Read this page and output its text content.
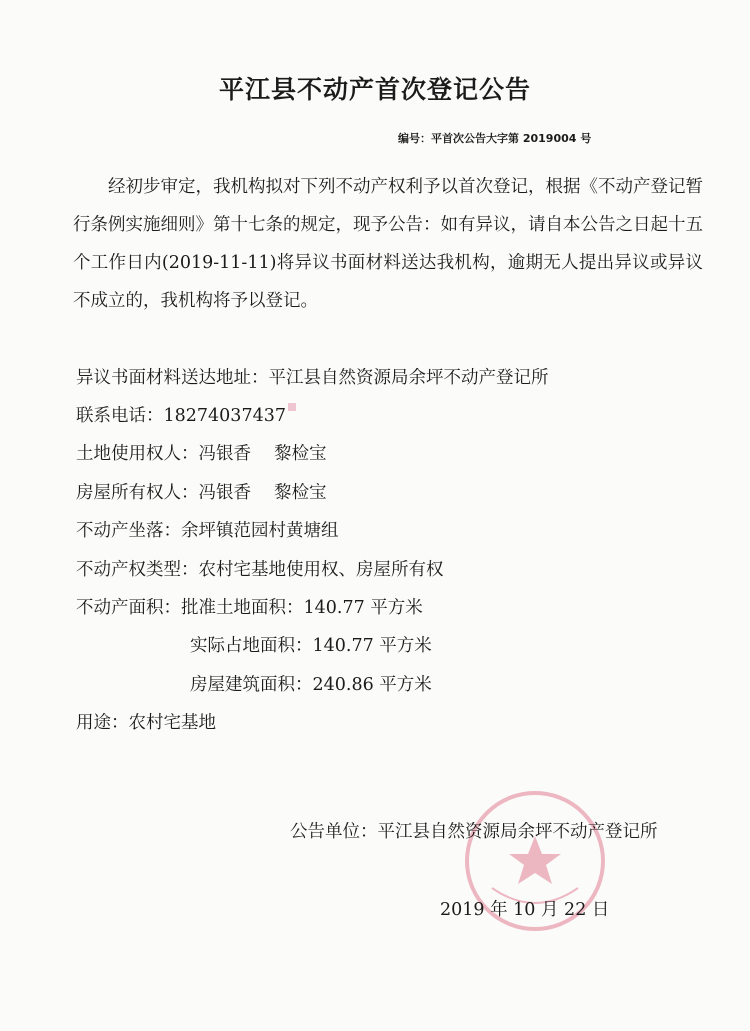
平江县不动产首次登记公告
编号：平首次公告大字第 2019004 号
经初步审定，我机构拟对下列不动产权利予以首次登记，根据《不动产登记暂行条例实施细则》第十七条的规定，现予公告：如有异议，请自本公告之日起十五个工作日内(2019-11-11)将异议书面材料送达我机构，逾期无人提出异议或异议不成立的，我机构将予以登记。
异议书面材料送达地址：平江县自然资源局余坪不动产登记所
联系电话：18274037437
土地使用权人：冯银香　 黎检宝
房屋所有权人：冯银香　 黎检宝
不动产坐落：余坪镇范园村黄塘组
不动产权类型：农村宅基地使用权、房屋所有权
不动产面积：批准土地面积：140.77 平方米
实际占地面积：140.77 平方米
房屋建筑面积：240.86 平方米
用途：农村宅基地
公告单位：平江县自然资源局余坪不动产登记所
2019 年 10 月 22 日
